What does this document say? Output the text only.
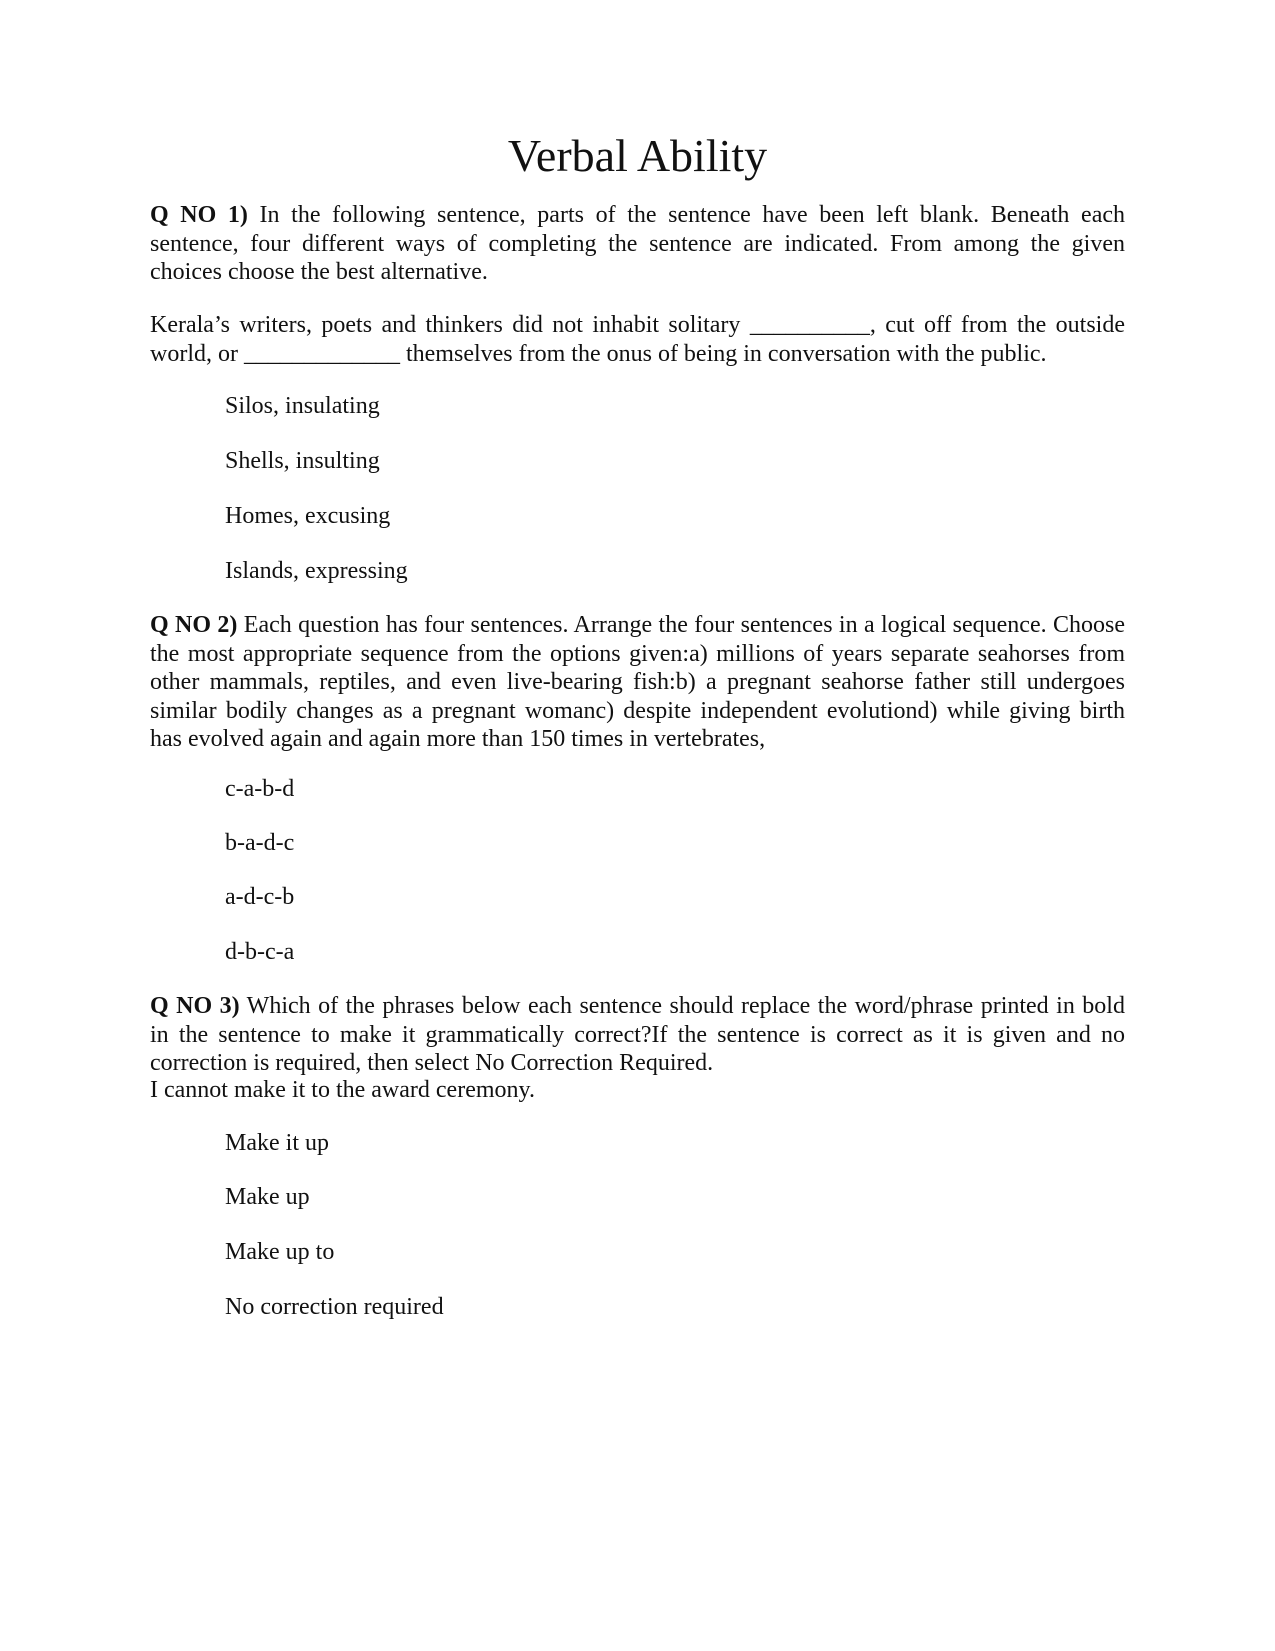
Verbal Ability

Q NO 1) In the following sentence, parts of the sentence have been left blank. Beneath each sentence, four different ways of completing the sentence are indicated. From among the given choices choose the best alternative.

Kerala’s writers, poets and thinkers did not inhabit solitary __________, cut off from the outside world, or _____________ themselves from the onus of being in conversation with the public.

Silos, insulating

Shells, insulting

Homes, excusing

Islands, expressing

Q NO 2) Each question has four sentences. Arrange the four sentences in a logical sequence. Choose the most appropriate sequence from the options given:a) millions of years separate seahorses from other mammals, reptiles, and even live-bearing fish:b) a pregnant seahorse father still undergoes similar bodily changes as a pregnant womanc) despite independent evolutiond) while giving birth has evolved again and again more than 150 times in vertebrates,

c-a-b-d

b-a-d-c

a-d-c-b

d-b-c-a

Q NO 3) Which of the phrases below each sentence should replace the word/phrase printed in bold in the sentence to make it grammatically correct?If the sentence is correct as it is given and no correction is required, then select No Correction Required.

I cannot make it to the award ceremony.

Make it up

Make up

Make up to

No correction required
